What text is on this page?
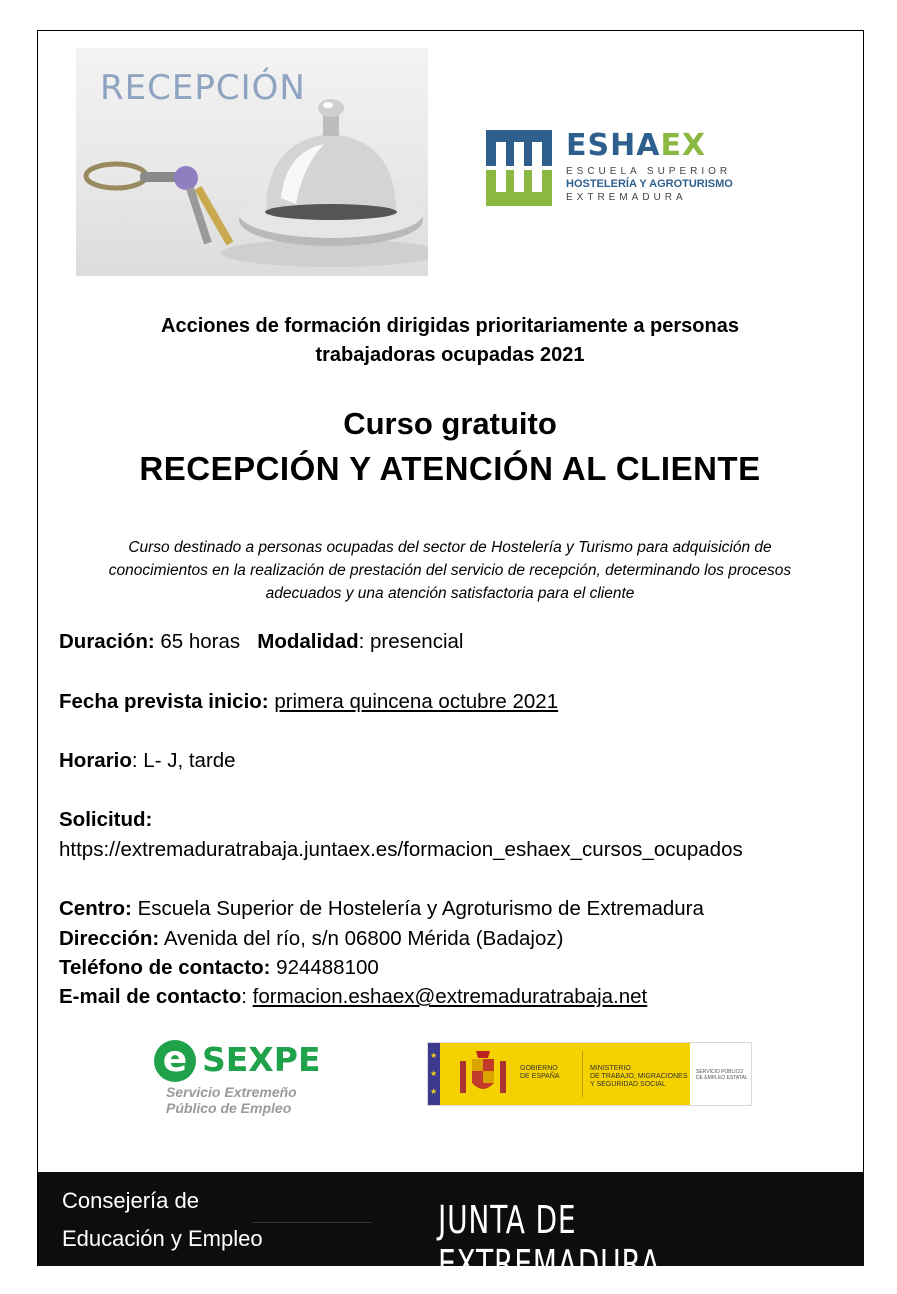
RECEPCIÓN
ESHAEX
ESCUELA SUPERIOR
HOSTELERÍA Y AGROTURISMO
EXTREMADURA
Acciones de formación dirigidas prioritariamente a personas
trabajadoras ocupadas 2021
Curso gratuito
RECEPCIÓN Y ATENCIÓN AL CLIENTE
Curso destinado a personas ocupadas del sector de Hostelería y Turismo para adquisición de
conocimientos en la realización de prestación del servicio de recepción, determinando los procesos
adecuados y una atención satisfactoria para el cliente
Duración: 65 horas Modalidad: presencial
Fecha prevista inicio: primera quincena octubre 2021
Horario: L- J, tarde
Solicitud:
https://extremaduratrabaja.juntaex.es/formacion_eshaex_cursos_ocupados
Centro: Escuela Superior de Hostelería y Agroturismo de Extremadura
Dirección: Avenida del río, s/n 06800 Mérida (Badajoz)
Teléfono de contacto: 924488100
E-mail de contacto: formacion.eshaex@extremaduratrabaja.net
e SEXPE
Servicio Extremeño
Público de Empleo
★
★
★
GOBIERNO
DE ESPAÑA
MINISTERIO
DE TRABAJO, MIGRACIONES
Y SEGURIDAD SOCIAL
SERVICIO PÚBLICO
DE EMPLEO ESTATAL
Consejería de
Educación y Empleo	JUNTA DE EXTREMADURA
